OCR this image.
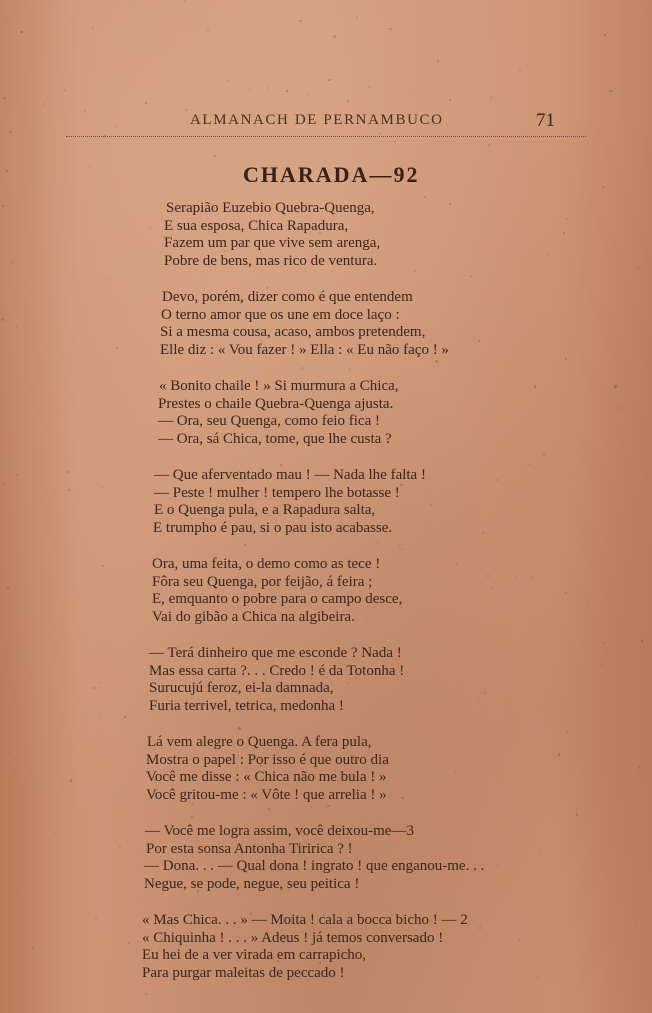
ALMANACH DE PERNAMBUCO	71
CHARADA—92
Serapião Euzebio Quebra-Quenga,
E sua esposa, Chica Rapadura,
Fazem um par que vive sem arenga,
Pobre de bens, mas rico de ventura.
Devo, porém, dizer como é que entendem
O terno amor que os une em doce laço :
Si a mesma cousa, acaso, ambos pretendem,
Elle diz : « Vou fazer ! » Ella : « Eu não faço ! »
« Bonito chaile ! » Si murmura a Chica,
Prestes o chaile Quebra-Quenga ajusta.
— Ora, seu Quenga, como feio fica !
— Ora, sá Chica, tome, que lhe custa ?
— Que aferventado mau ! — Nada lhe falta !
— Peste ! mulher ! tempero lhe botasse !
E o Quenga pula, e a Rapadura salta,
E trumpho é pau, si o pau isto acabasse.
Ora, uma feita, o demo como as tece !
Fôra seu Quenga, por feijão, á feira ;
E, emquanto o pobre para o campo desce,
Vai do gibão a Chica na algibeira.
— Terá dinheiro que me esconde ? Nada !
Mas essa carta ?. . . Credo ! é da Totonha !
Surucujú feroz, ei-la damnada,
Furia terrivel, tetrica, medonha !
Lá vem alegre o Quenga. A fera pula,
Mostra o papel : Por isso é que outro dia
Você me disse : « Chica não me bula ! »
Você gritou-me : « Vôte ! que arrelia ! »
— Você me logra assim, você deixou-me—3
Por esta sonsa Antonha Tiririca ? !
— Dona. . . — Qual dona ! ingrato ! que enganou-me. . .
Negue, se pode, negue, seu peitica !
« Mas Chica. . . » — Moita ! cala a bocca bicho ! — 2
« Chiquinha ! . . . » Adeus ! já temos conversado !
Eu hei de a ver virada em carrapicho,
Para purgar maleitas de peccado !
